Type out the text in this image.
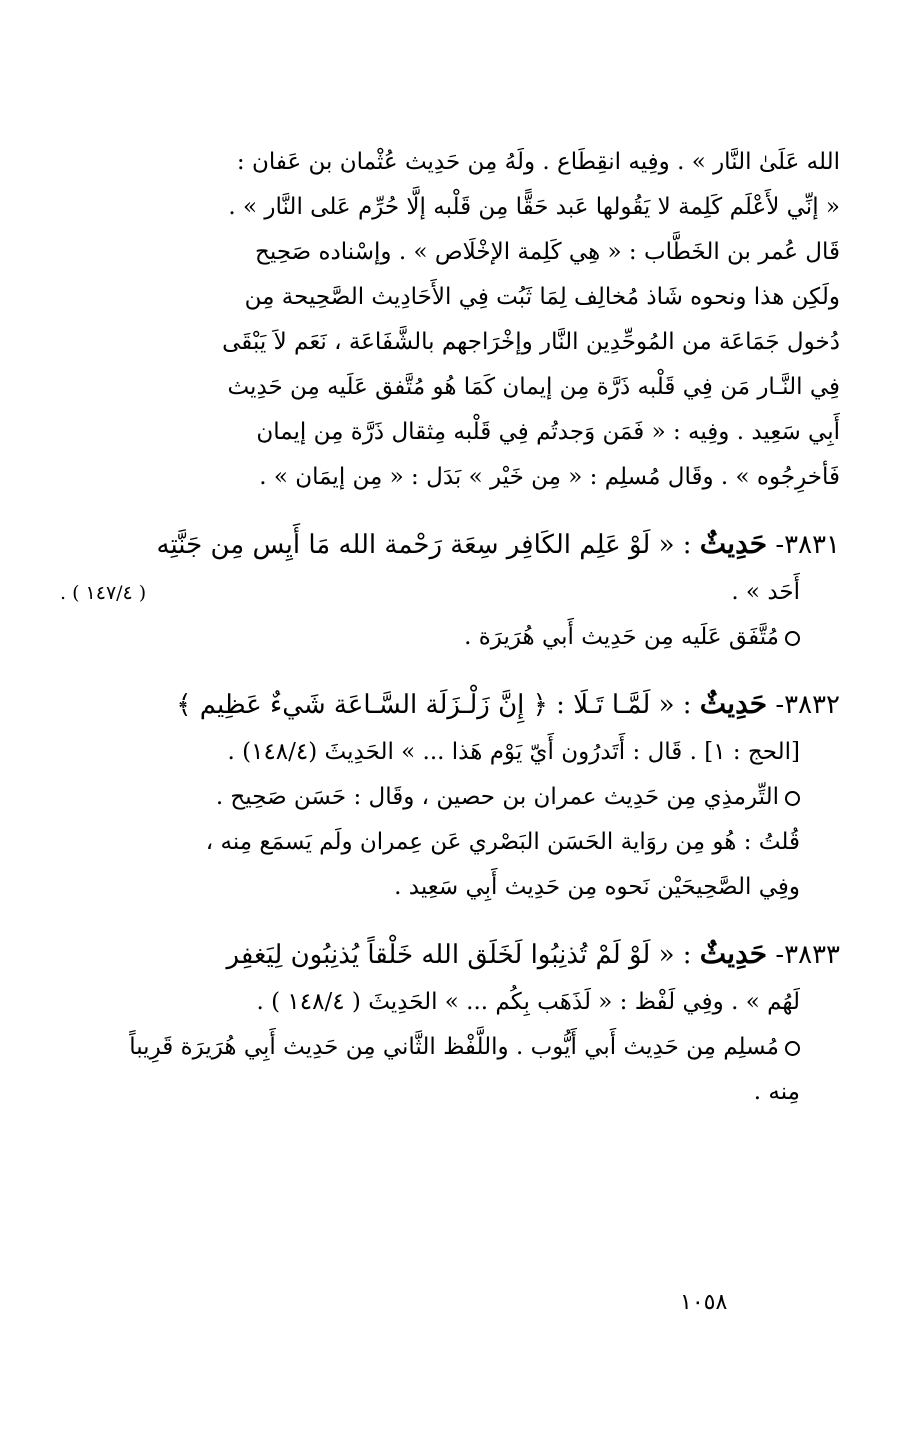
الله عَلَىٰ النَّار » . وفِيه انقِطَاع . ولَهُ مِن حَدِيث عُثْمان بن عَفان :
« إنِّي لأَعْلَم كَلِمة لا يَقُولها عَبد حَقًّا مِن قَلْبه إلَّا حُرِّم عَلى النَّار » .
قَال عُمر بن الخَطَّاب : « هِي كَلِمة الإخْلَاص » . وإسْناده صَحِيح
ولَكِن هذا ونحوه شَاذ مُخالِف لِمَا ثَبُت فِي الأَحَادِيث الصَّحِيحة مِن
دُخول جَمَاعَة من المُوحِّدِين النَّار وإخْرَاجهم بالشَّفَاعَة ، نَعَم لاَ يَبْقَى
فِي النَّـار مَن فِي قَلْبه ذَرَّة مِن إيمان كَمَا هُو مُتَّفق عَلَيه مِن حَدِيث
أَبِي سَعِيد . وفِيه : « فَمَن وَجدتُم فِي قَلْبه مِثقال ذَرَّة مِن إيمان
فَأخرِجُوه » . وقَال مُسلِم : « مِن خَيْر » بَدَل : « مِن إيمَان » .
٣٨٣١- حَدِيثٌ : « لَوْ عَلِم الكَافِر سِعَة رَحْمة الله مَا أَيِس مِن جَنَّتِه
أَحَد » .
( ١٤٧/٤ ) .
مُتَّفَق عَلَيه مِن حَدِيث أَبي هُرَيرَة .
٣٨٣٢- حَدِيثٌ : « لَمَّـا تَـلَا : ﴿ إِنَّ زَلْـزَلَة السَّـاعَة شَيءٌ عَظِيم ﴾
[الحج : ١] . قَال : أَتَدرُون أَيّ يَوْم هَذا ... » الحَدِيثَ (١٤٨/٤) .
التِّرمذِي مِن حَدِيث عمران بن حصين ، وقَال : حَسَن صَحِيح .
قُلتُ : هُو مِن روَاية الحَسَن البَصْري عَن عِمران ولَم يَسمَع مِنه ،
وفِي الصَّحِيحَيْن نَحوه مِن حَدِيث أَبِي سَعِيد .
٣٨٣٣- حَدِيثٌ : « لَوْ لَمْ تُذنِبُوا لَخَلَق الله خَلْقاً يُذنِبُون لِيَغفِر
لَهُم » . وفِي لَفْظ : « لَذَهَب بِكُم ... » الحَدِيثَ ( ١٤٨/٤ ) .
مُسلِم مِن حَدِيث أَبي أَيُّوب . واللَّفْظ الثَّاني مِن حَدِيث أَبِي هُرَيرَة قَرِيباً
مِنه .
١٠٥٨
